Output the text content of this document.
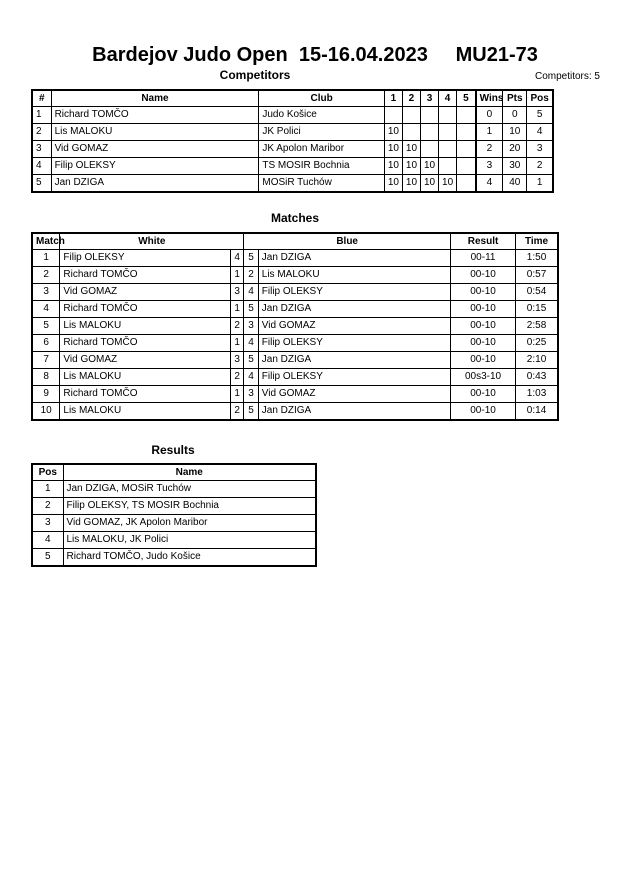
Bardejov Judo Open  15-16.04.2023     MU21-73
Competitors	Competitors: 5
#	Name	Club	1	2	3	4	5	Wins	Pts	Pos
1	Richard TOMČO	Judo Košice						0	0	5
2	Lis MALOKU	JK Polici	10					1	10	4
3	Vid GOMAZ	JK Apolon Maribor	10	10				2	20	3
4	Filip OLEKSY	TS MOSIR Bochnia	10	10	10			3	30	2
5	Jan DZIGA	MOSiR Tuchów	10	10	10	10		4	40	1
Matches
Match	White		Blue		Result	Time
1	Filip OLEKSY	4	5	Jan DZIGA	00-11	1:50
2	Richard TOMČO	1	2	Lis MALOKU	00-10	0:57
3	Vid GOMAZ	3	4	Filip OLEKSY	00-10	0:54
4	Richard TOMČO	1	5	Jan DZIGA	00-10	0:15
5	Lis MALOKU	2	3	Vid GOMAZ	00-10	2:58
6	Richard TOMČO	1	4	Filip OLEKSY	00-10	0:25
7	Vid GOMAZ	3	5	Jan DZIGA	00-10	2:10
8	Lis MALOKU	2	4	Filip OLEKSY	00s3-10	0:43
9	Richard TOMČO	1	3	Vid GOMAZ	00-10	1:03
10	Lis MALOKU	2	5	Jan DZIGA	00-10	0:14
Results
Pos	Name
1	Jan DZIGA, MOSiR Tuchów
2	Filip OLEKSY, TS MOSIR Bochnia
3	Vid GOMAZ, JK Apolon Maribor
4	Lis MALOKU, JK Polici
5	Richard TOMČO, Judo Košice
